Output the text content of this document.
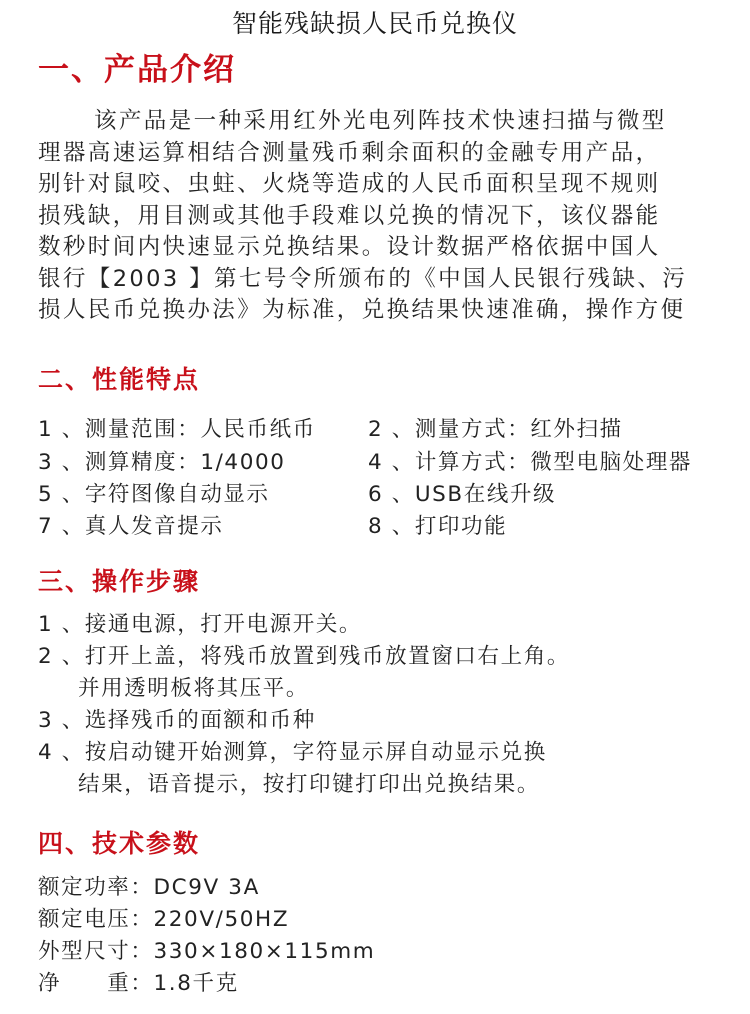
智能残缺损人民币兑换仪
一、产品介绍
该产品是一种采用红外光电列阵技术快速扫描与微型
理器高速运算相结合测量残币剩余面积的金融专用产品，
别针对鼠咬、虫蛀、火烧等造成的人民币面积呈现不规则
损残缺，用目测或其他手段难以兑换的情况下，该仪器能
数秒时间内快速显示兑换结果。设计数据严格依据中国人
银行【2003 】第七号令所颁布的《中国人民银行残缺、污
损人民币兑换办法》为标准，兑换结果快速准确，操作方便
二、性能特点
1 、测量范围：人民币纸币 2 、测量方式：红外扫描
3 、测算精度：1/4000	4 、计算方式：微型电脑处理器
5 、字符图像自动显示	6 、USB在线升级
7 、真人发音提示	8 、打印功能
三、操作步骤
1 、接通电源，打开电源开关。
2 、打开上盖，将残币放置到残币放置窗口右上角。
并用透明板将其压平。
3 、选择残币的面额和币种
4 、按启动键开始测算，字符显示屏自动显示兑换
结果，语音提示，按打印键打印出兑换结果。
四、技术参数
额定功率：DC9V 3A
额定电压：220V/50HZ
外型尺寸：330×180×115mm
净　　重：1.8千克
